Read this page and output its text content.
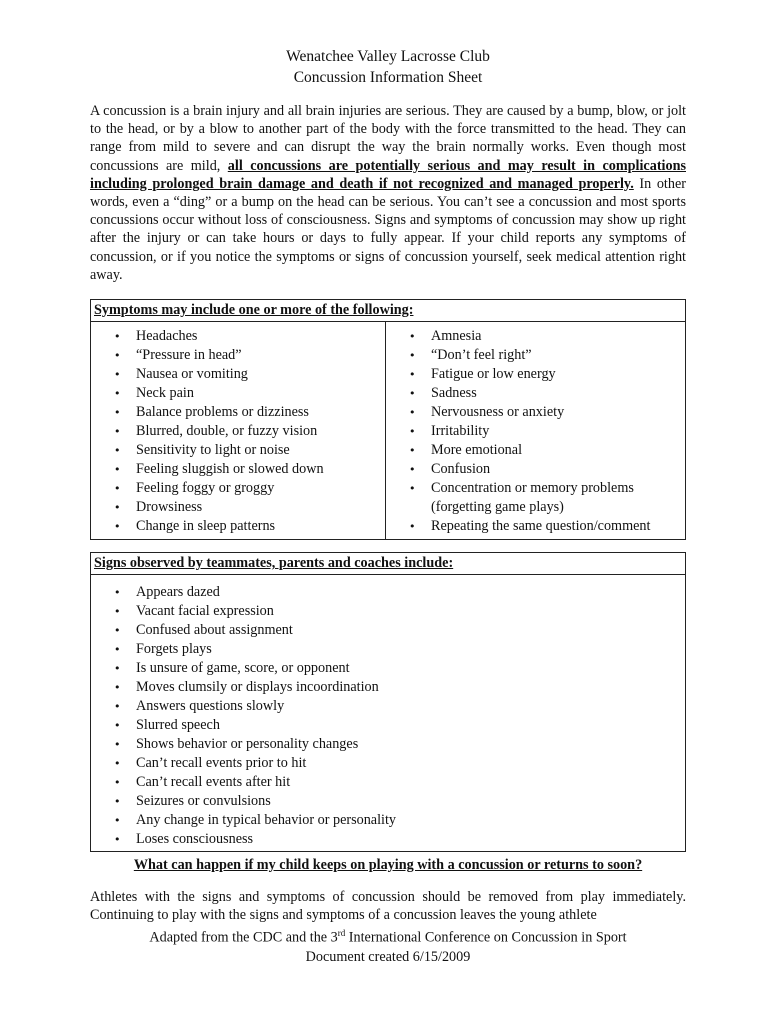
Wenatchee Valley Lacrosse Club
Concussion Information Sheet

A concussion is a brain injury and all brain injuries are serious. They are caused by a bump, blow, or jolt to the head, or by a blow to another part of the body with the force transmitted to the head. They can range from mild to severe and can disrupt the way the brain normally works. Even though most concussions are mild, all concussions are potentially serious and may result in complications including prolonged brain damage and death if not recognized and managed properly. In other words, even a “ding” or a bump on the head can be serious. You can’t see a concussion and most sports concussions occur without loss of consciousness. Signs and symptoms of concussion may show up right after the injury or can take hours or days to fully appear. If your child reports any symptoms of concussion, or if you notice the symptoms or signs of concussion yourself, seek medical attention right away.

Symptoms may include one or more of the following:
• Headaches
• “Pressure in head”
• Nausea or vomiting
• Neck pain
• Balance problems or dizziness
• Blurred, double, or fuzzy vision
• Sensitivity to light or noise
• Feeling sluggish or slowed down
• Feeling foggy or groggy
• Drowsiness
• Change in sleep patterns
• Amnesia
• “Don’t feel right”
• Fatigue or low energy
• Sadness
• Nervousness or anxiety
• Irritability
• More emotional
• Confusion
• Concentration or memory problems (forgetting game plays)
• Repeating the same question/comment
Signs observed by teammates, parents and coaches include:
• Appears dazed
• Vacant facial expression
• Confused about assignment
• Forgets plays
• Is unsure of game, score, or opponent
• Moves clumsily or displays incoordination
• Answers questions slowly
• Slurred speech
• Shows behavior or personality changes
• Can’t recall events prior to hit
• Can’t recall events after hit
• Seizures or convulsions
• Any change in typical behavior or personality
• Loses consciousness
What can happen if my child keeps on playing with a concussion or returns to soon?

Athletes with the signs and symptoms of concussion should be removed from play immediately. Continuing to play with the signs and symptoms of a concussion leaves the young athlete

Adapted from the CDC and the 3rd International Conference on Concussion in Sport
Document created 6/15/2009
